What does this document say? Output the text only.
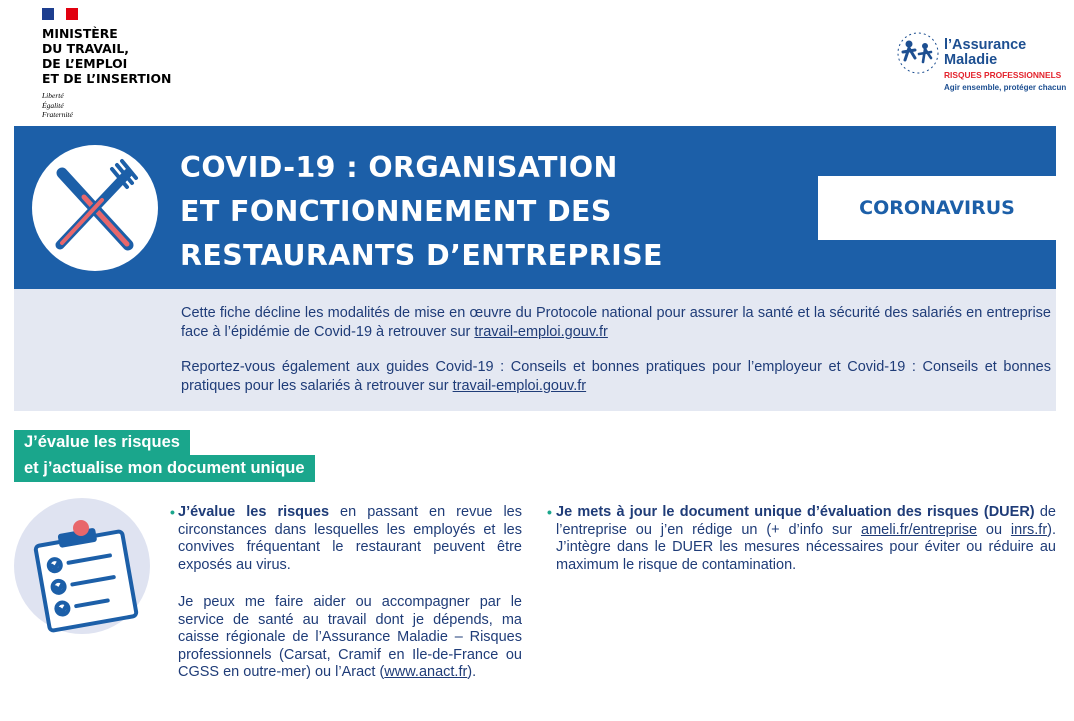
MINISTÈRE
DU TRAVAIL,
DE L’EMPLOI
ET DE L’INSERTION
Liberté
Égalité
Fraternité
l’Assurance
Maladie
RISQUES PROFESSIONNELS
Agir ensemble, protéger chacun
COVID-19 : ORGANISATION
ET FONCTIONNEMENT DES
RESTAURANTS D’ENTREPRISE
CORONAVIRUS
Cette fiche décline les modalités de mise en œuvre du Protocole national pour assurer la santé et la sécurité des salariés en entreprise face à l’épidémie de Covid-19 à retrouver sur travail-emploi.gouv.fr
Reportez-vous également aux guides Covid-19 : Conseils et bonnes pratiques pour l’employeur et Covid-19 : Conseils et bonnes pratiques pour les salariés à retrouver sur travail-emploi.gouv.fr
J’évalue les risques
et j’actualise mon document unique
• J’évalue les risques en passant en revue les circonstances dans lesquelles les employés et les convives fréquentant le restaurant peuvent être exposés au virus.
Je peux me faire aider ou accompagner par le service de santé au travail dont je dépends, ma caisse régionale de l’Assurance Maladie – Risques professionnels (Carsat, Cramif en Ile-de-France ou CGSS en outre-mer) ou l’Aract (www.anact.fr).
• Je mets à jour le document unique d’évaluation des risques (DUER) de l’entreprise ou j’en rédige un (+ d’info sur ameli.fr/entreprise ou inrs.fr). J’intègre dans le DUER les mesures nécessaires pour éviter ou réduire au maximum le risque de contamination.
